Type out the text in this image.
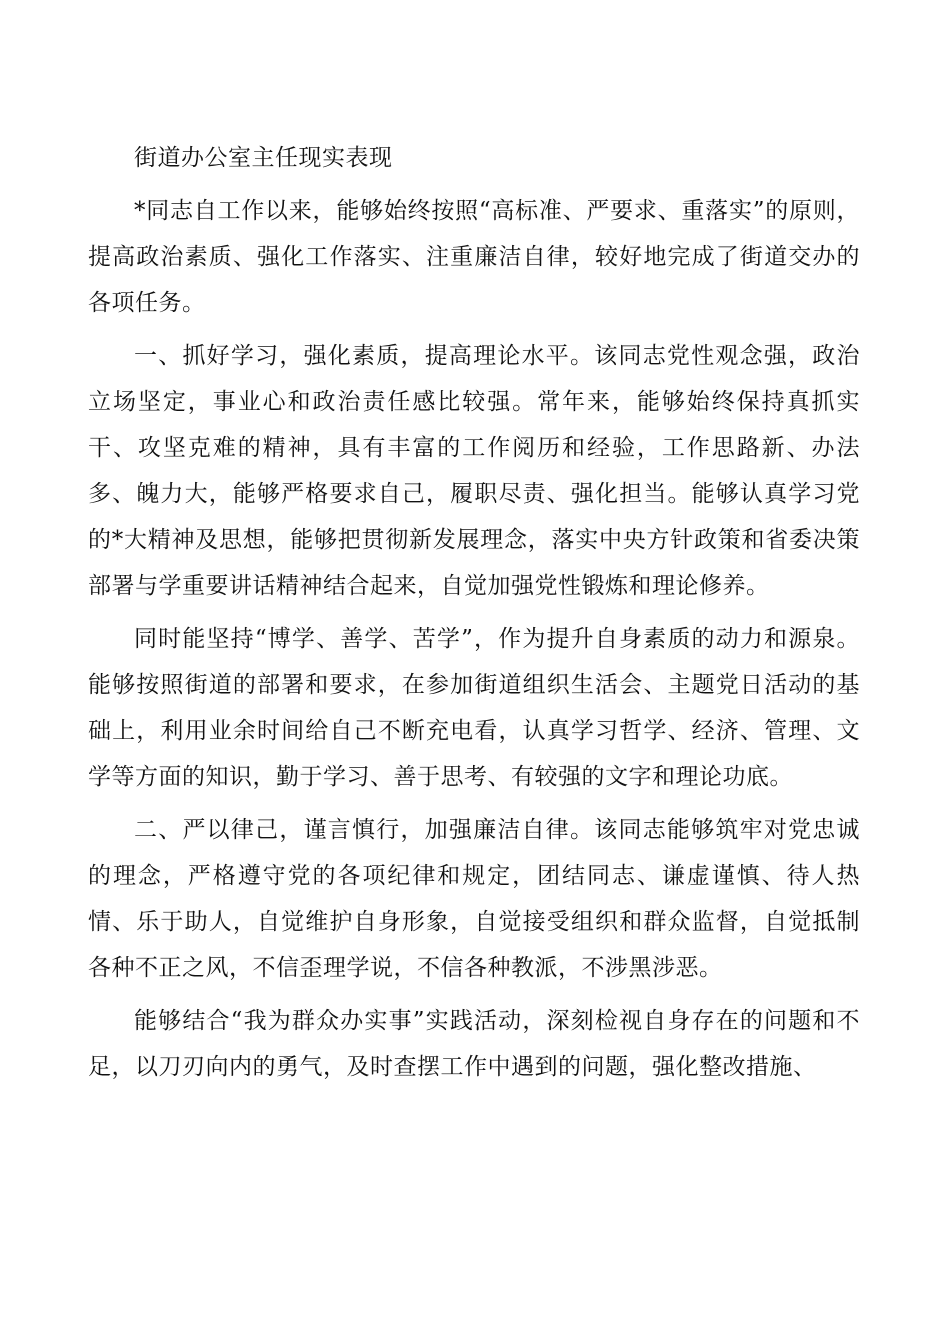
街道办公室主任现实表现

*同志自工作以来，能够始终按照“高标准、严要求、重落实”的原则，提高政治素质、强化工作落实、注重廉洁自律，较好地完成了街道交办的各项任务。

一、抓好学习，强化素质，提高理论水平。该同志党性观念强，政治立场坚定，事业心和政治责任感比较强。常年来，能够始终保持真抓实干、攻坚克难的精神，具有丰富的工作阅历和经验，工作思路新、办法多、魄力大，能够严格要求自己，履职尽责、强化担当。能够认真学习党的*大精神及思想，能够把贯彻新发展理念，落实中央方针政策和省委决策部署与学重要讲话精神结合起来，自觉加强党性锻炼和理论修养。

同时能坚持“博学、善学、苦学”，作为提升自身素质的动力和源泉。能够按照街道的部署和要求，在参加街道组织生活会、主题党日活动的基础上，利用业余时间给自己不断充电看，认真学习哲学、经济、管理、文学等方面的知识，勤于学习、善于思考、有较强的文字和理论功底。

二、严以律己，谨言慎行，加强廉洁自律。该同志能够筑牢对党忠诚的理念，严格遵守党的各项纪律和规定，团结同志、谦虚谨慎、待人热情、乐于助人，自觉维护自身形象，自觉接受组织和群众监督，自觉抵制各种不正之风，不信歪理学说，不信各种教派，不涉黑涉恶。

能够结合“我为群众办实事”实践活动，深刻检视自身存在的问题和不足，以刀刃向内的勇气，及时查摆工作中遇到的问题，强化整改措施、
